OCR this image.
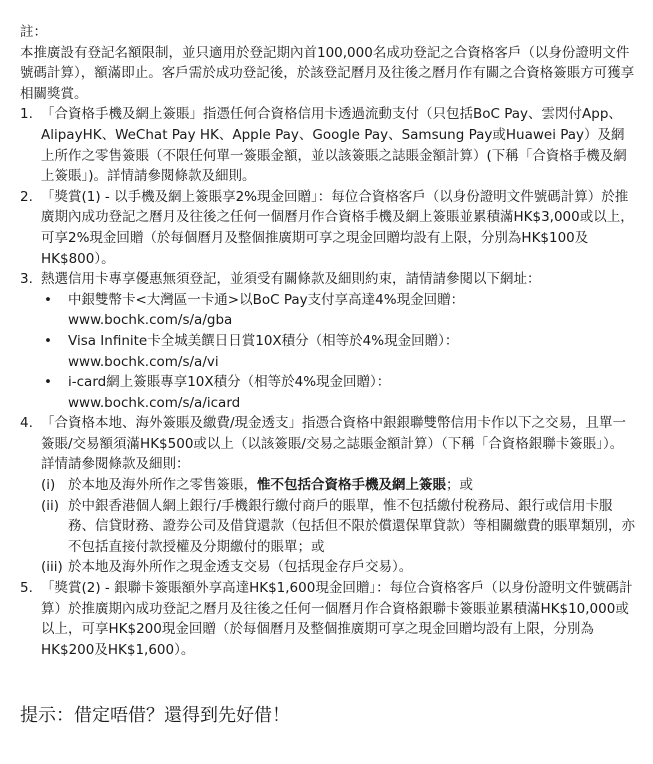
註：

本推廣設有登記名額限制，並只適用於登記期內首100,000名成功登記之合資格客戶（以身份證明文件號碼計算），額滿即止。客戶需於成功登記後，於該登記曆月及往後之曆月作有關之合資格簽賬方可獲享相關獎賞。

1. 「合資格手機及網上簽賬」指憑任何合資格信用卡透過流動支付（只包括BoC Pay、雲閃付App、AlipayHK、WeChat Pay HK、Apple Pay、Google Pay、Samsung Pay或Huawei Pay）及網上所作之零售簽賬（不限任何單一簽賬金額，並以該簽賬之誌賬金額計算）(下稱「合資格手機及網上簽賬」)。詳情請參閱條款及細則。
2. 「獎賞(1) - 以手機及網上簽賬享2%現金回贈」：每位合資格客戶（以身份證明文件號碼計算）於推廣期內成功登記之曆月及往後之任何一個曆月作合資格手機及網上簽賬並累積滿HK$3,000或以上，可享2%現金回贈（於每個曆月及整個推廣期可享之現金回贈均設有上限，分別為HK$100及HK$800）。
3. 熱選信用卡專享優惠無須登記，並須受有關條款及細則約束，請情請參閱以下網址：
• 中銀雙幣卡<大灣區一卡通>以BoC Pay支付享高達4%現金回贈：
www.bochk.com/s/a/gba
• Visa Infinite卡全城美饌日日賞10X積分（相等於4%現金回贈）：
www.bochk.com/s/a/vi
• i-card網上簽賬專享10X積分（相等於4%現金回贈）：
www.bochk.com/s/a/icard
4. 「合資格本地、海外簽賬及繳費/現金透支」指憑合資格中銀銀聯雙幣信用卡作以下之交易，且單一簽賬/交易額須滿HK$500或以上（以該簽賬/交易之誌賬金額計算）（下稱「合資格銀聯卡簽賬」）。詳情請參閱條款及細則：
(i) 於本地及海外所作之零售簽賬，惟不包括合資格手機及網上簽賬；或
(ii) 於中銀香港個人網上銀行/手機銀行繳付商戶的賬單，惟不包括繳付稅務局、銀行或信用卡服務、信貸財務、證券公司及借貸還款（包括但不限於償還保單貸款）等相關繳費的賬單類別，亦不包括直接付款授權及分期繳付的賬單；或
(iii) 於本地及海外所作之現金透支交易（包括現金存戶交易）。
5. 「獎賞(2) - 銀聯卡簽賬額外享高達HK$1,600現金回贈」：每位合資格客戶（以身份證明文件號碼計算）於推廣期內成功登記之曆月及往後之任何一個曆月作合資格銀聯卡簽賬並累積滿HK$10,000或以上，可享HK$200現金回贈（於每個曆月及整個推廣期可享之現金回贈均設有上限，分別為HK$200及HK$1,600）。
提示：借定唔借？還得到先好借！
